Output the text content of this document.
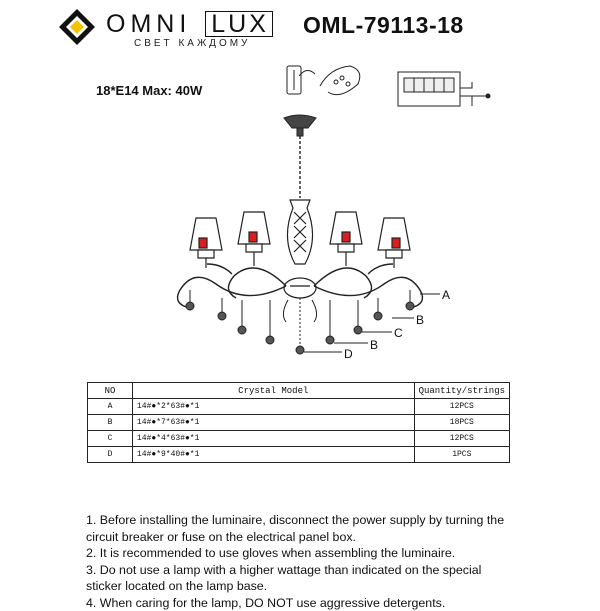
OMNI LUX
СВЕТ КАЖДОМУ
OML-79113-18
18*E14 Max: 40W
A
B
C
B
D
NO	Crystal Model	Quantity/strings
A	14#●*2*63#●*1	12PCS
B	14#●*7*63#●*1	18PCS
C	14#●*4*63#●*1	12PCS
D	14#●*9*40#●*1	1PCS

1. Before installing the luminaire, disconnect the power supply by turning the circuit breaker or fuse on the electrical panel box.

2. It is recommended to use gloves when assembling the luminaire.

3. Do not use a lamp with a higher wattage than indicated on the special sticker located on the lamp base.

4. When caring for the lamp, DO NOT use aggressive detergents.
